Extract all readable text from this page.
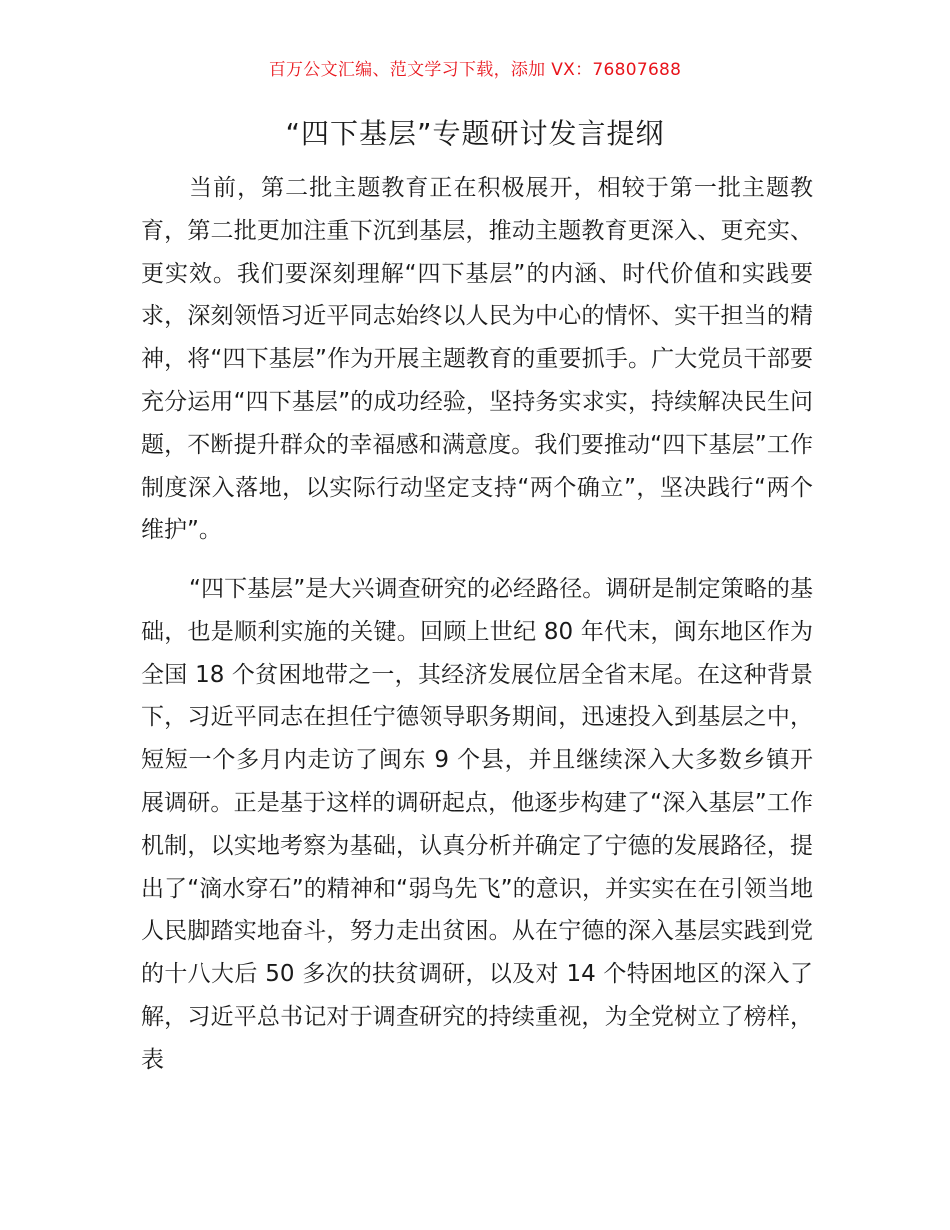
百万公文汇编、范文学习下载，添加 VX：76807688
“四下基层”专题研讨发言提纲

当前，第二批主题教育正在积极展开，相较于第一批主题教育，第二批更加注重下沉到基层，推动主题教育更深入、更充实、更实效。我们要深刻理解“四下基层”的内涵、时代价值和实践要求，深刻领悟习近平同志始终以人民为中心的情怀、实干担当的精神，将“四下基层”作为开展主题教育的重要抓手。广大党员干部要充分运用“四下基层”的成功经验，坚持务实求实，持续解决民生问题，不断提升群众的幸福感和满意度。我们要推动“四下基层”工作制度深入落地，以实际行动坚定支持“两个确立”，坚决践行“两个维护”。

“四下基层”是大兴调查研究的必经路径。调研是制定策略的基础，也是顺利实施的关键。回顾上世纪 80 年代末，闽东地区作为全国 18 个贫困地带之一，其经济发展位居全省末尾。在这种背景下，习近平同志在担任宁德领导职务期间，迅速投入到基层之中，短短一个多月内走访了闽东 9 个县，并且继续深入大多数乡镇开展调研。正是基于这样的调研起点，他逐步构建了“深入基层”工作机制，以实地考察为基础，认真分析并确定了宁德的发展路径，提出了“滴水穿石”的精神和“弱鸟先飞”的意识，并实实在在引领当地人民脚踏实地奋斗，努力走出贫困。从在宁德的深入基层实践到党的十八大后 50 多次的扶贫调研，以及对 14 个特困地区的深入了解，习近平总书记对于调查研究的持续重视，为全党树立了榜样，表
